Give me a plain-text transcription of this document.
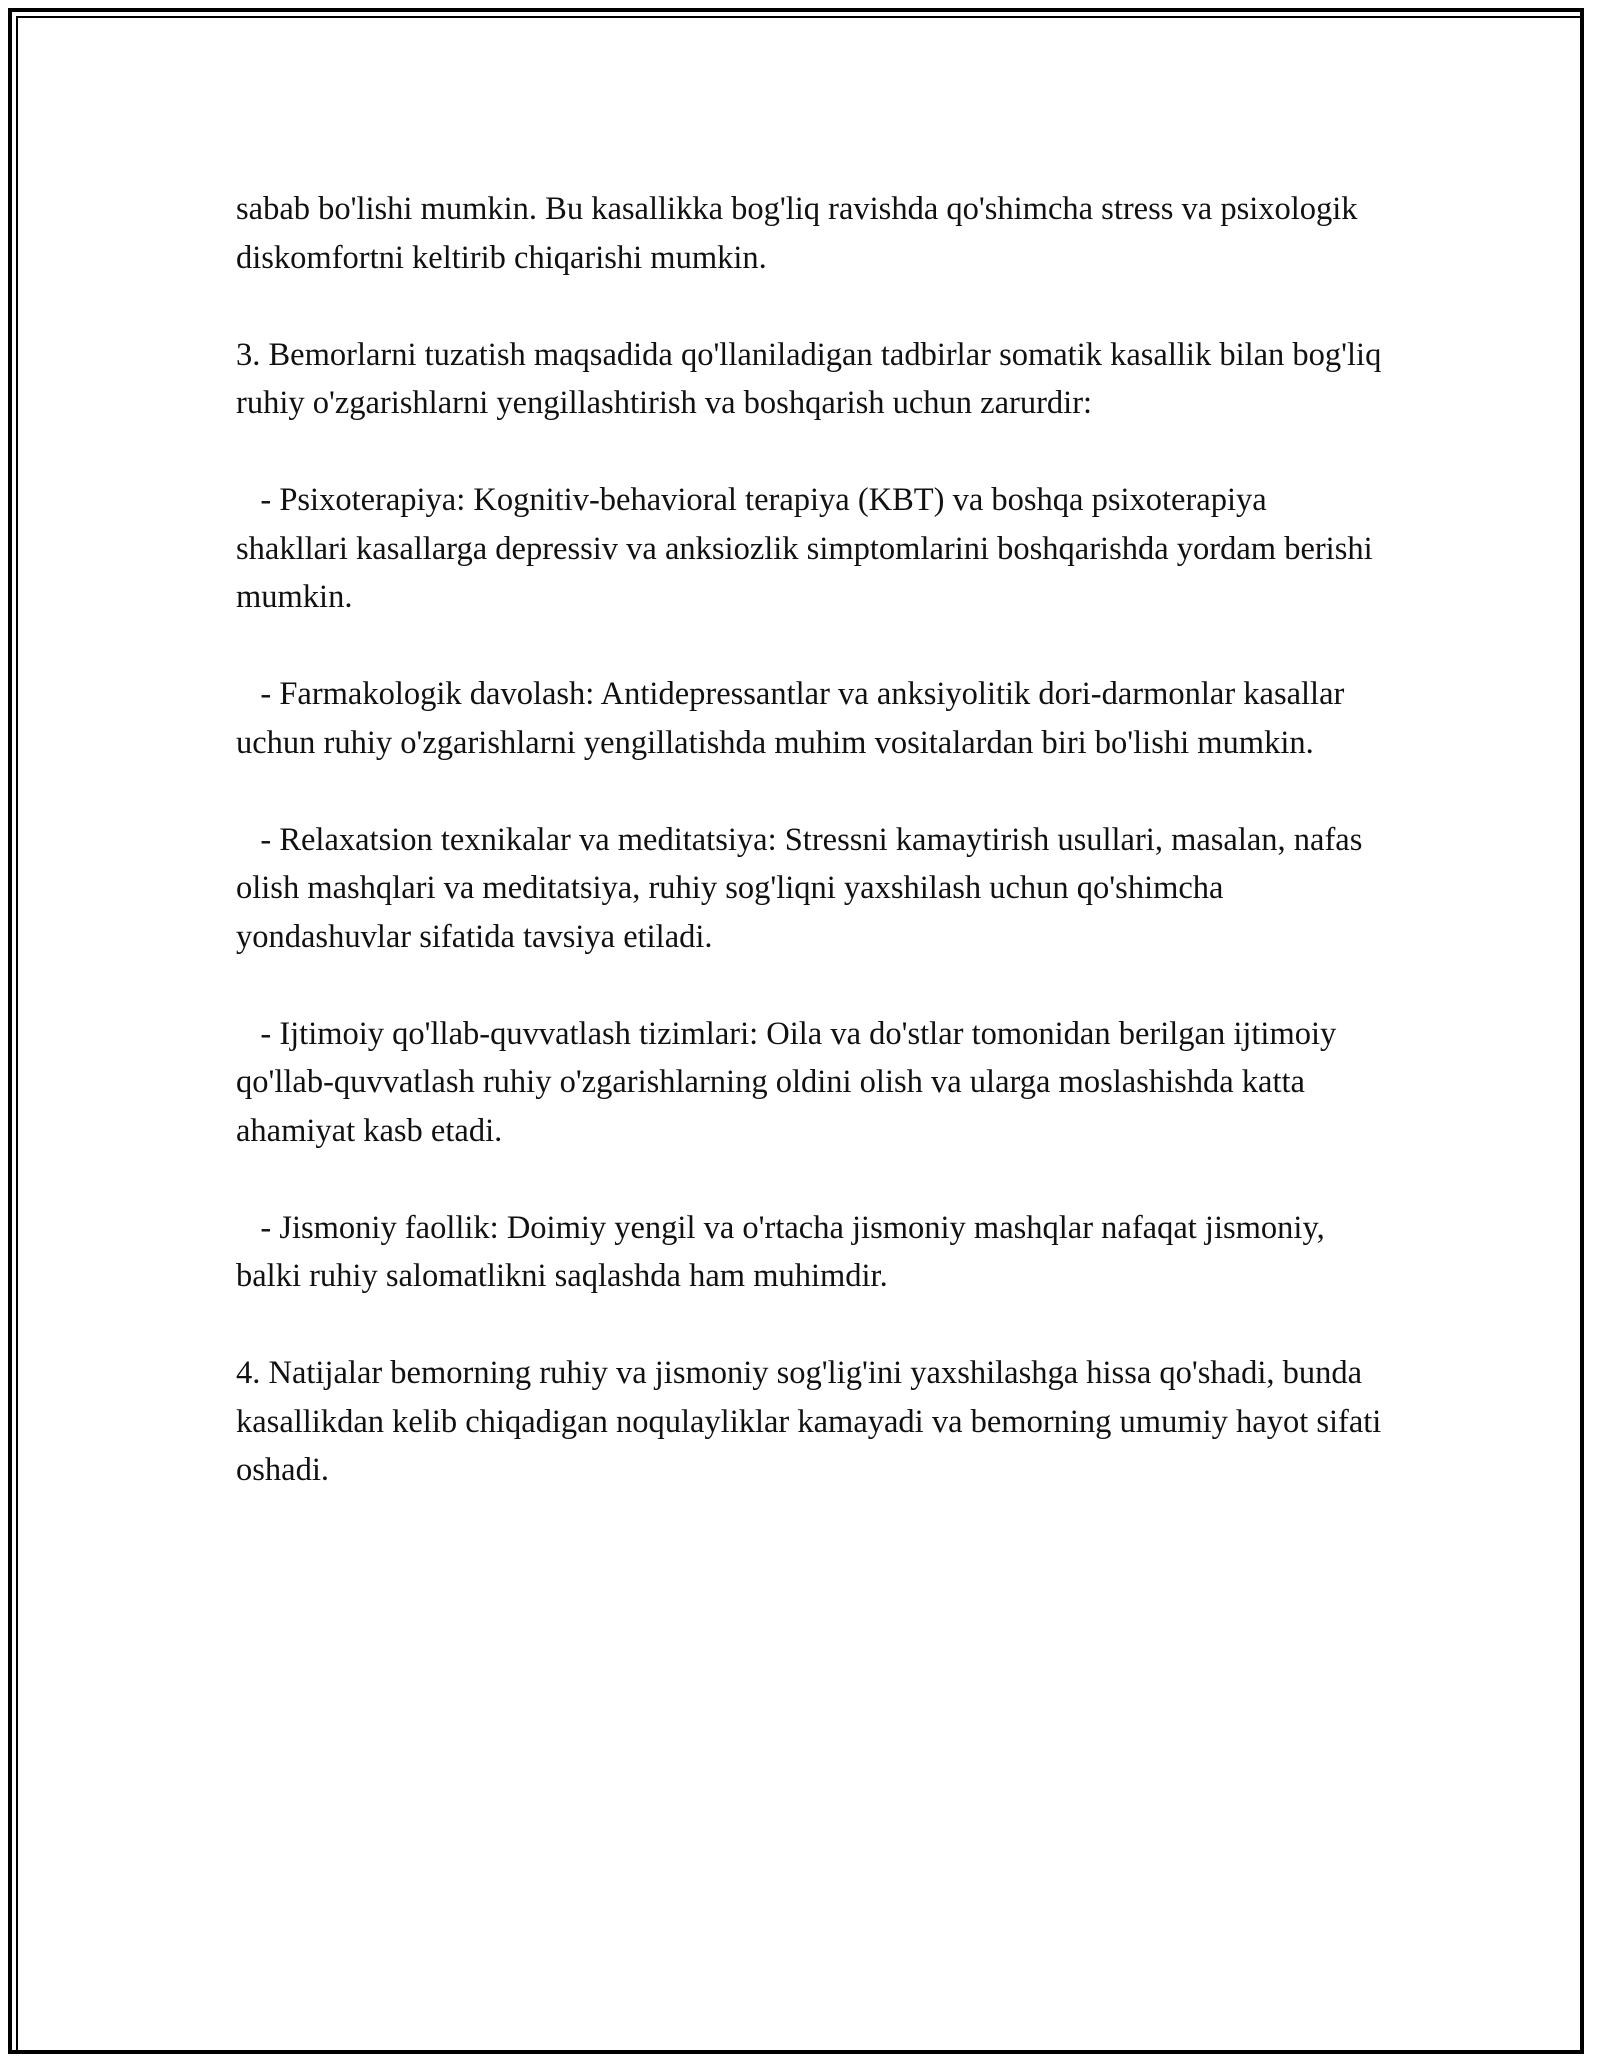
sabab bo'lishi mumkin. Bu kasallikka bog'liq ravishda qo'shimcha stress va psixologik diskomfortni keltirib chiqarishi mumkin.

3. Bemorlarni tuzatish maqsadida qo'llaniladigan tadbirlar somatik kasallik bilan bog'liq ruhiy o'zgarishlarni yengillashtirish va boshqarish uchun zarurdir:

- Psixoterapiya: Kognitiv-behavioral terapiya (KBT) va boshqa psixoterapiya shakllari kasallarga depressiv va anksiozlik simptomlarini boshqarishda yordam berishi mumkin.

- Farmakologik davolash: Antidepressantlar va anksiyolitik dori-darmonlar kasallar uchun ruhiy o'zgarishlarni yengillatishda muhim vositalardan biri bo'lishi mumkin.

- Relaxatsion texnikalar va meditatsiya: Stressni kamaytirish usullari, masalan, nafas olish mashqlari va meditatsiya, ruhiy sog'liqni yaxshilash uchun qo'shimcha yondashuvlar sifatida tavsiya etiladi.

- Ijtimoiy qo'llab-quvvatlash tizimlari: Oila va do'stlar tomonidan berilgan ijtimoiy qo'llab-quvvatlash ruhiy o'zgarishlarning oldini olish va ularga moslashishda katta ahamiyat kasb etadi.

- Jismoniy faollik: Doimiy yengil va o'rtacha jismoniy mashqlar nafaqat jismoniy, balki ruhiy salomatlikni saqlashda ham muhimdir.

4. Natijalar bemorning ruhiy va jismoniy sog'lig'ini yaxshilashga hissa qo'shadi, bunda kasallikdan kelib chiqadigan noqulayliklar kamayadi va bemorning umumiy hayot sifati oshadi.
